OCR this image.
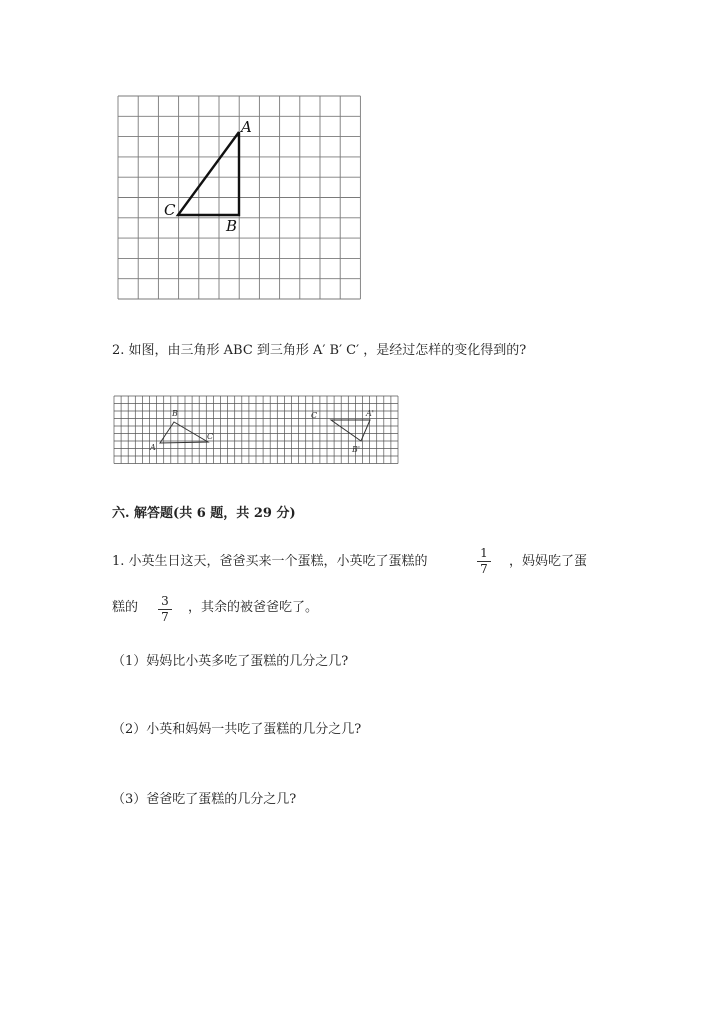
A
C
B
2. 如图，由三角形 ABC 到三角形 A′ B′ C′ ，是经过怎样的变化得到的?
B
A
C
C	A'
B'
六. 解答题(共 6 题，共 29 分)
1. 小英生日这天，爸爸买来一个蛋糕，小英吃了蛋糕的
1
7 ，妈妈吃了蛋
糕的 3
7
，其余的被爸爸吃了。
（1）妈妈比小英多吃了蛋糕的几分之几?
（2）小英和妈妈一共吃了蛋糕的几分之几?
（3）爸爸吃了蛋糕的几分之几?
